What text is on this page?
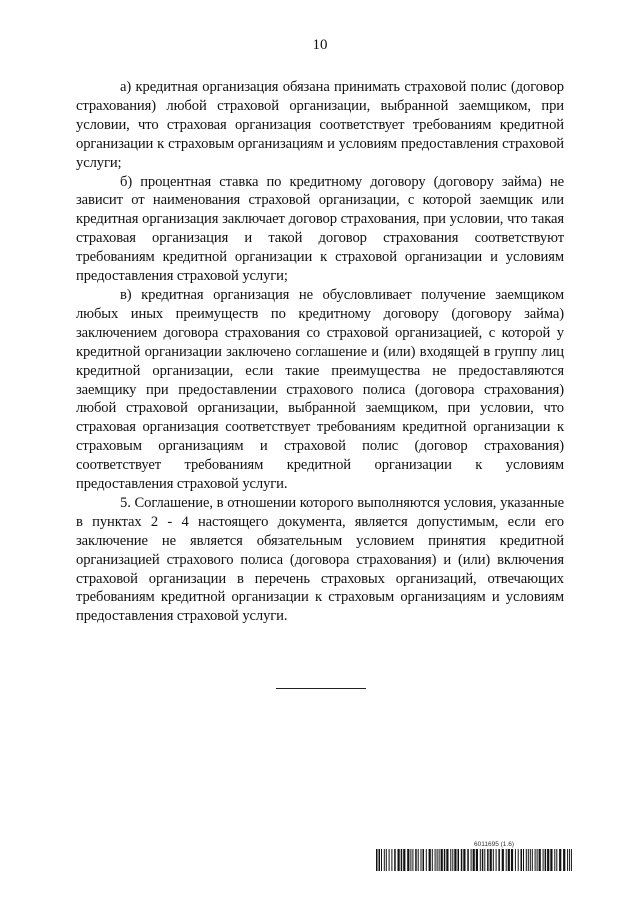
10

а) кредитная организация обязана принимать страховой полис (договор страхования) любой страховой организации, выбранной заемщиком, при условии, что страховая организация соответствует требованиям кредитной организации к страховым организациям и условиям предоставления страховой услуги;

б) процентная ставка по кредитному договору (договору займа) не зависит от наименования страховой организации, с которой заемщик или кредитная организация заключает договор страхования, при условии, что такая страховая организация и такой договор страхования соответствуют требованиям кредитной организации к страховой организации и условиям предоставления страховой услуги;

в) кредитная организация не обусловливает получение заемщиком любых иных преимуществ по кредитному договору (договору займа) заключением договора страхования со страховой организацией, с которой у кредитной организации заключено соглашение и (или) входящей в группу лиц кредитной организации, если такие преимущества не предоставляются заемщику при предоставлении страхового полиса (договора страхования) любой страховой организации, выбранной заемщиком, при условии, что страховая организация соответствует требованиям кредитной организации к страховым организациям и страховой полис (договор страхования) соответствует требованиям кредитной организации к условиям предоставления страховой услуги.

5. Соглашение, в отношении которого выполняются условия, указанные в пунктах 2 - 4 настоящего документа, является допустимым, если его заключение не является обязательным условием принятия кредитной организацией страхового полиса (договора страхования) и (или) включения страховой организации в перечень страховых организаций, отвечающих требованиям кредитной организации к страховым организациям и условиям предоставления страховой услуги.

6011695 (1.6)
